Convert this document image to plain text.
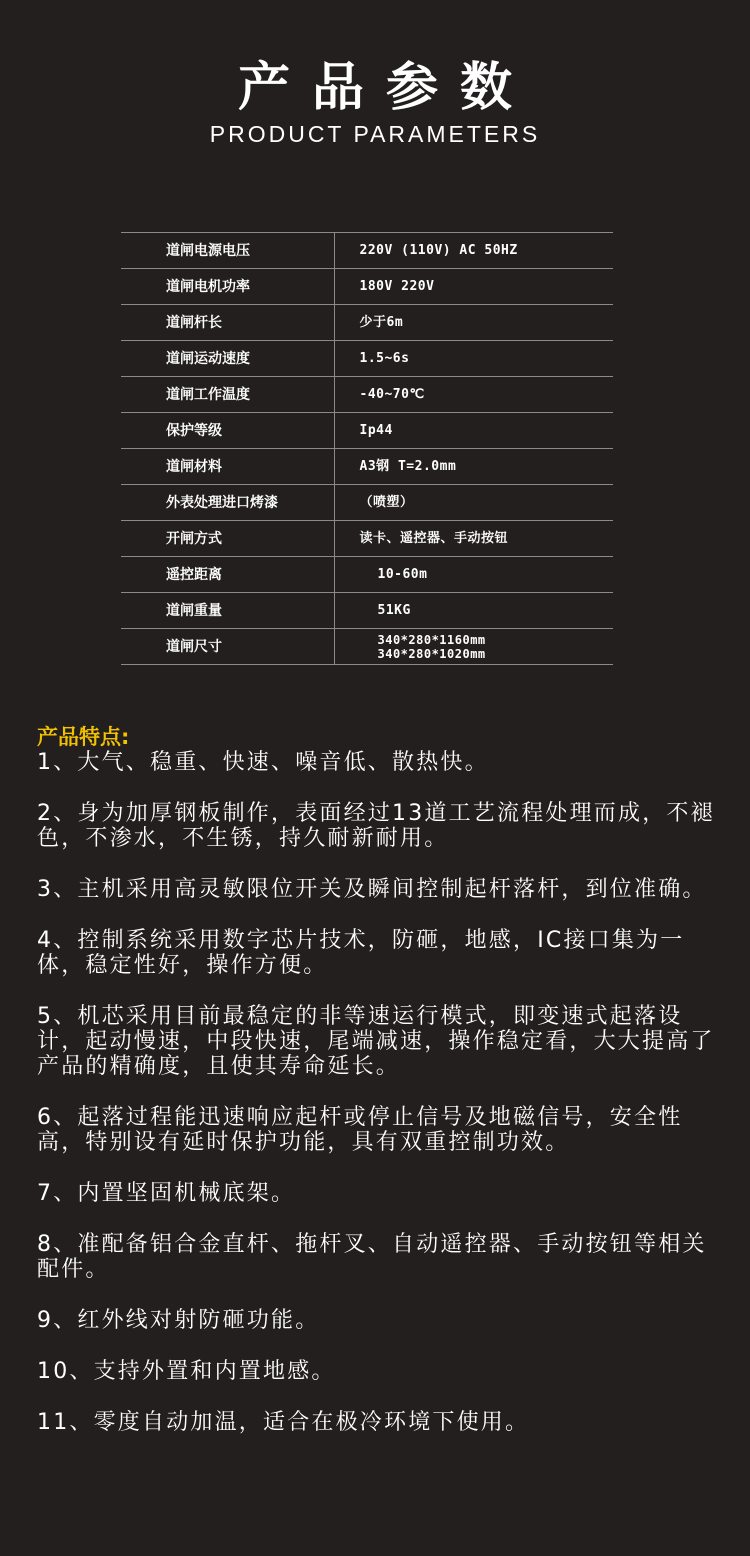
产品参数
PRODUCT PARAMETERS
道闸电源电压	220V (110V) AC 50HZ
道闸电机功率	180V 220V
道闸杆长	少于6m
道闸运动速度	1.5~6s
道闸工作温度	-40~70℃
保护等级	Ip44
道闸材料	A3钢 T=2.0mm
外表处理进口烤漆	（喷塑）
开闸方式	读卡、遥控器、手动按钮
遥控距离	10-60m
道闸重量	51KG
道闸尺寸	340*280*1160mm
340*280*1020mm

产品特点:

1、大气、稳重、快速、噪音低、散热快。

2、身为加厚钢板制作，表面经过13道工艺流程处理而成，不褪色，不渗水，不生锈，持久耐新耐用。

3、主机采用高灵敏限位开关及瞬间控制起杆落杆，到位准确。

4、控制系统采用数字芯片技术，防砸，地感，IC接口集为一体，稳定性好，操作方便。

5、机芯采用目前最稳定的非等速运行模式，即变速式起落设计，起动慢速，中段快速，尾端减速，操作稳定看，大大提高了产品的精确度，且使其寿命延长。

6、起落过程能迅速响应起杆或停止信号及地磁信号，安全性高，特别设有延时保护功能，具有双重控制功效。

7、内置坚固机械底架。

8、准配备铝合金直杆、拖杆叉、自动遥控器、手动按钮等相关配件。

9、红外线对射防砸功能。

10、支持外置和内置地感。

11、零度自动加温，适合在极冷环境下使用。
